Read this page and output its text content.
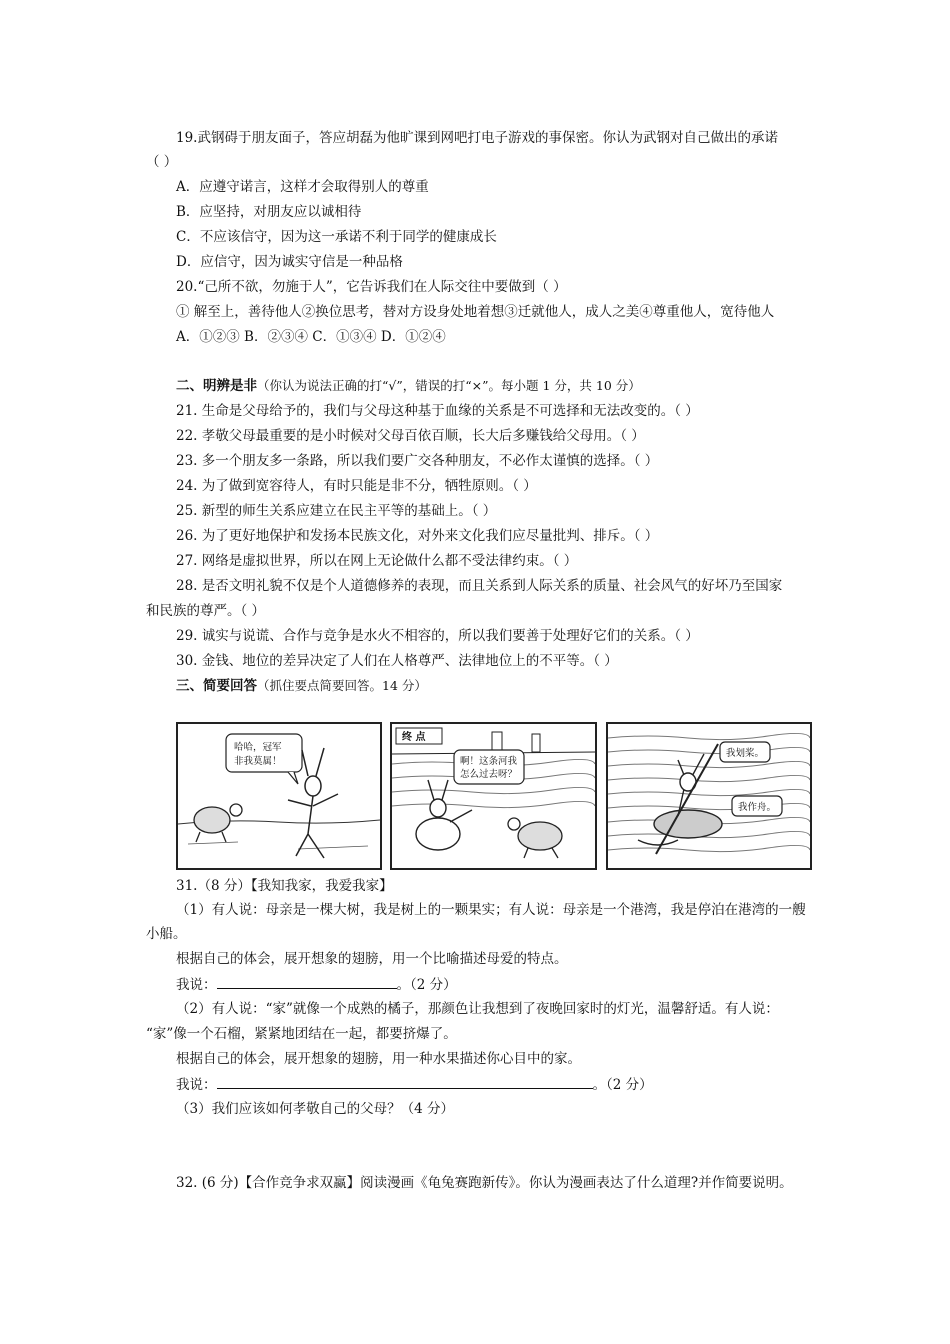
19.武钢碍于朋友面子，答应胡磊为他旷课到网吧打电子游戏的事保密。你认为武钢对自己做出的承诺
（ ）
A．应遵守诺言，这样才会取得别人的尊重
B．应坚持，对朋友应以诚相待
C．不应该信守，因为这一承诺不利于同学的健康成长
D．应信守，因为诚实守信是一种品格
20.“己所不欲，勿施于人”，它告诉我们在人际交往中要做到（ ）
① 解至上，善待他人②换位思考，替对方设身处地着想③迁就他人，成人之美④尊重他人，宽待他人
A．①②③ B．②③④ C．①③④ D．①②④
二、明辨是非（你认为说法正确的打“√”，错误的打“×”。每小题 1 分，共 10 分）
21. 生命是父母给予的，我们与父母这种基于血缘的关系是不可选择和无法改变的。（ ）
22. 孝敬父母最重要的是小时候对父母百依百顺，长大后多赚钱给父母用。（ ）
23. 多一个朋友多一条路，所以我们要广交各种朋友，不必作太谨慎的选择。（ ）
24. 为了做到宽容待人，有时只能是非不分，牺牲原则。（ ）
25. 新型的师生关系应建立在民主平等的基础上。（ ）
26. 为了更好地保护和发扬本民族文化，对外来文化我们应尽量批判、排斥。（ ）
27. 网络是虚拟世界，所以在网上无论做什么都不受法律约束。（ ）
28. 是否文明礼貌不仅是个人道德修养的表现，而且关系到人际关系的质量、社会风气的好坏乃至国家
和民族的尊严。（ ）
29. 诚实与说谎、合作与竞争是水火不相容的，所以我们要善于处理好它们的关系。（ ）
30. 金钱、地位的差异决定了人们在人格尊严、法律地位上的不平等。（ ）
三、简要回答（抓住要点简要回答。14 分）
哈哈，冠军
非我莫属！
终 点
啊！这条河我
怎么过去呀？
我划桨。
我作舟。
31.（8 分）【我知我家，我爱我家】
（1）有人说：母亲是一棵大树，我是树上的一颗果实；有人说：母亲是一个港湾，我是停泊在港湾的一艘
小船。
根据自己的体会，展开想象的翅膀，用一个比喻描述母爱的特点。
我说：	。（2 分）
（2）有人说：“家”就像一个成熟的橘子，那颜色让我想到了夜晚回家时的灯光，温馨舒适。有人说：
“家”像一个石榴，紧紧地团结在一起，都要挤爆了。
根据自己的体会，展开想象的翅膀，用一种水果描述你心目中的家。
我说：	。（2 分）
（3）我们应该如何孝敬自己的父母？（4 分）
32. (6 分)【合作竞争求双赢】阅读漫画《龟兔赛跑新传》。你认为漫画表达了什么道理?并作简要说明。
